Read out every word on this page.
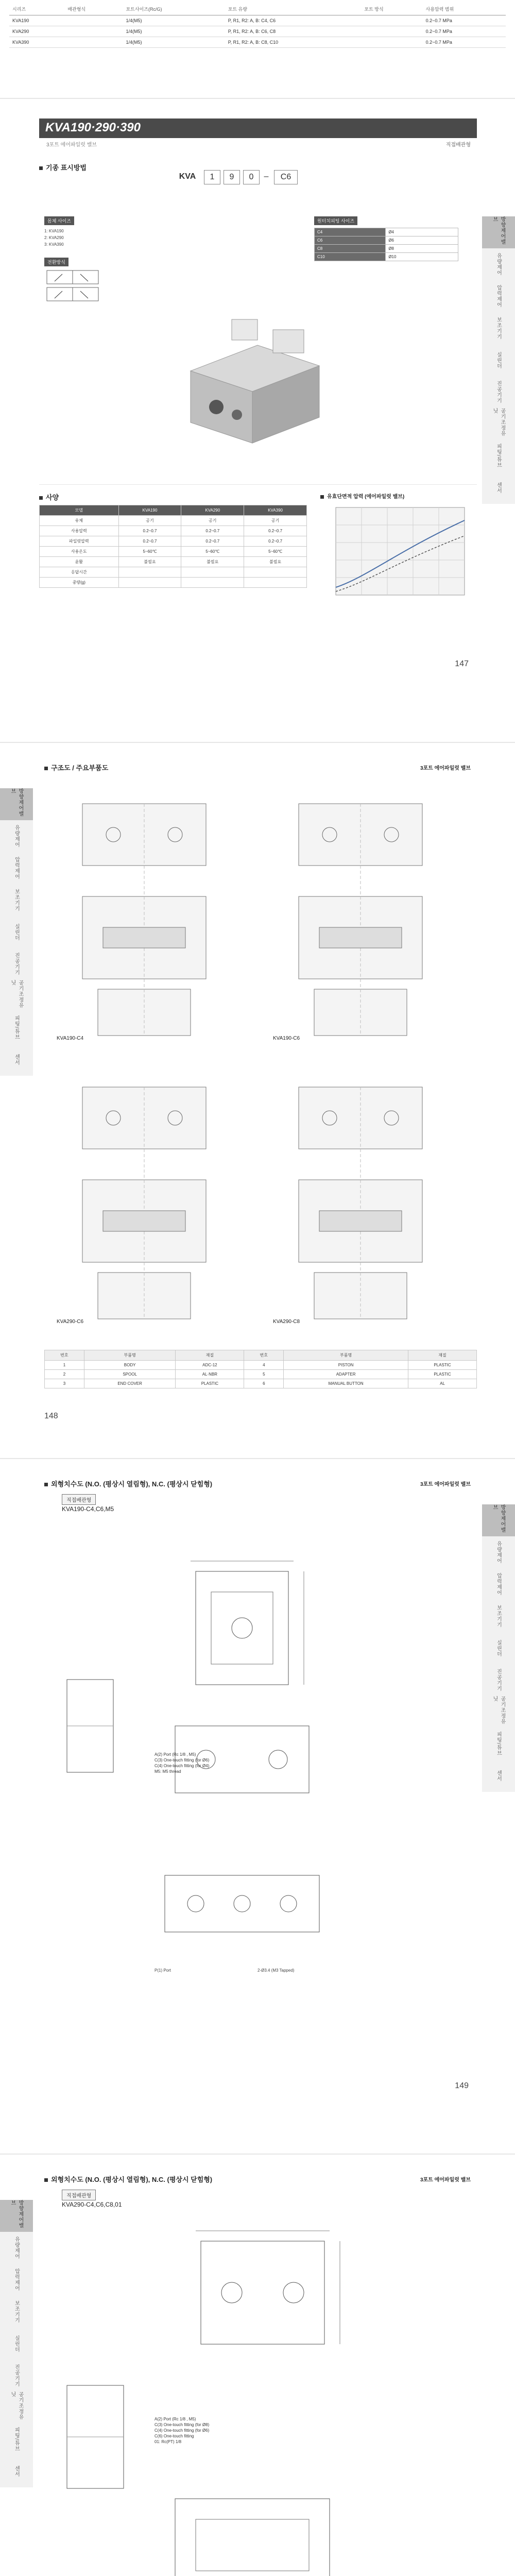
시리즈	배관형식	포트사이즈(Rc/G)	포트 유량	포트 방식	사용압력 범위
KVA190		1/4(M5)	P, R1, R2: A, B: C4, C6		0.2~0.7 MPa
KVA290		1/4(M5)	P, R1, R2: A, B: C6, C8		0.2~0.7 MPa
KVA390		1/4(M5)	P, R1, R2: A, B: C8, C10		0.2~0.7 MPa
KVA190·290·390
3포트 에어파일럿 밸브	직접배관형
기종 표시방법
KVA	1	9	0	–	C6
몸체 사이즈
1: KVA190
2: KVA290
3: KVA390
전환방식
원터치피팅 사이즈
C4	Ø4
C6	Ø6
C8	Ø8
C10	Ø10
사양
모델	KVA190	KVA290	KVA390
유체	공기	공기	공기
사용압력	0.2~0.7	0.2~0.7	0.2~0.7
파일럿압력	0.2~0.7	0.2~0.7	0.2~0.7
사용온도	5~60℃	5~60℃	5~60℃
윤활	불필요	불필요	불필요
응답시간			
중량(g)			
유효단면적 압력 (에어파일럿 밸브)
방향제어밸브
유량제어
압력제어
보조기기
실린더
진공기기
공기조정유닛
피팅/튜브
센서
147
구조도 / 주요부품도	3포트 에어파일럿 밸브
KVA190-C4	KVA190-C6
KVA290-C6	KVA290-C8
번호	부품명	재질	번호	부품명	재질
1	BODY	ADC-12	4	PISTON	PLASTIC
2	SPOOL	AL·NBR	5	ADAPTER	PLASTIC
3	END COVER	PLASTIC	6	MANUAL BUTTON	AL
방향제어밸브
유량제어
압력제어
보조기기
실린더
진공기기
공기조정유닛
피팅/튜브
센서
148
외형치수도 (N.O. (평상시 열림형), N.C. (평상시 닫힘형)	3포트 에어파일럿 밸브
직접배관형
KVA190-C4,C6,M5
A(2) Port (Rc 1/8 , M5)
C(3) One-touch fitting (for Ø6)
C(4) One-touch fitting (for Ø4)
M5: M5 thread
P(1) Port	2-Ø3.4 (M3 Tapped)
방향제어밸브
유량제어
압력제어
보조기기
실린더
진공기기
공기조정유닛
피팅/튜브
센서
149
외형치수도 (N.O. (평상시 열림형), N.C. (평상시 닫힘형)	3포트 에어파일럿 밸브
직접배관형
KVA290-C4,C6,C8,01
A(2) Port (Rc 1/8 , M5)
C(3) One-touch fitting (for Ø8)
C(4) One-touch fitting (for Ø6)
C(6) One-touch fitting
01: Rc(PT) 1/8
방향제어밸브
유량제어
압력제어
보조기기
실린더
진공기기
공기조정유닛
피팅/튜브
센서
